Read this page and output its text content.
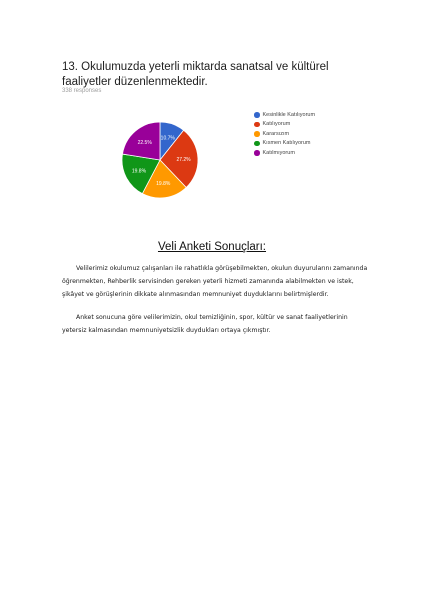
13. Okulumuzda yeterli miktarda sanatsal ve kültürel faaliyetler düzenlenmektedir.
338 responses
10.7%
27.2%
19.8%
19.8%
22.5%
Kesinlikle Katılıyorum
Katılıyorum
Kararsızım
Kısmen Katılıyorum
Katılmıyorum
Veli Anketi Sonuçları:

Velilerimiz okulumuz çalışanları ile rahatlıkla görüşebilmekten, okulun duyurularını zamanında öğrenmekten, Rehberlik servisinden gereken yeterli hizmeti zamanında alabilmekten ve istek, şikâyet ve görüşlerinin dikkate alınmasından memnuniyet duyduklarını belirtmişlerdir.

Anket sonucuna göre velilerimizin, okul temizliğinin, spor, kültür ve sanat faaliyetlerinin yetersiz kalmasından memnuniyetsizlik duydukları ortaya çıkmıştır.
